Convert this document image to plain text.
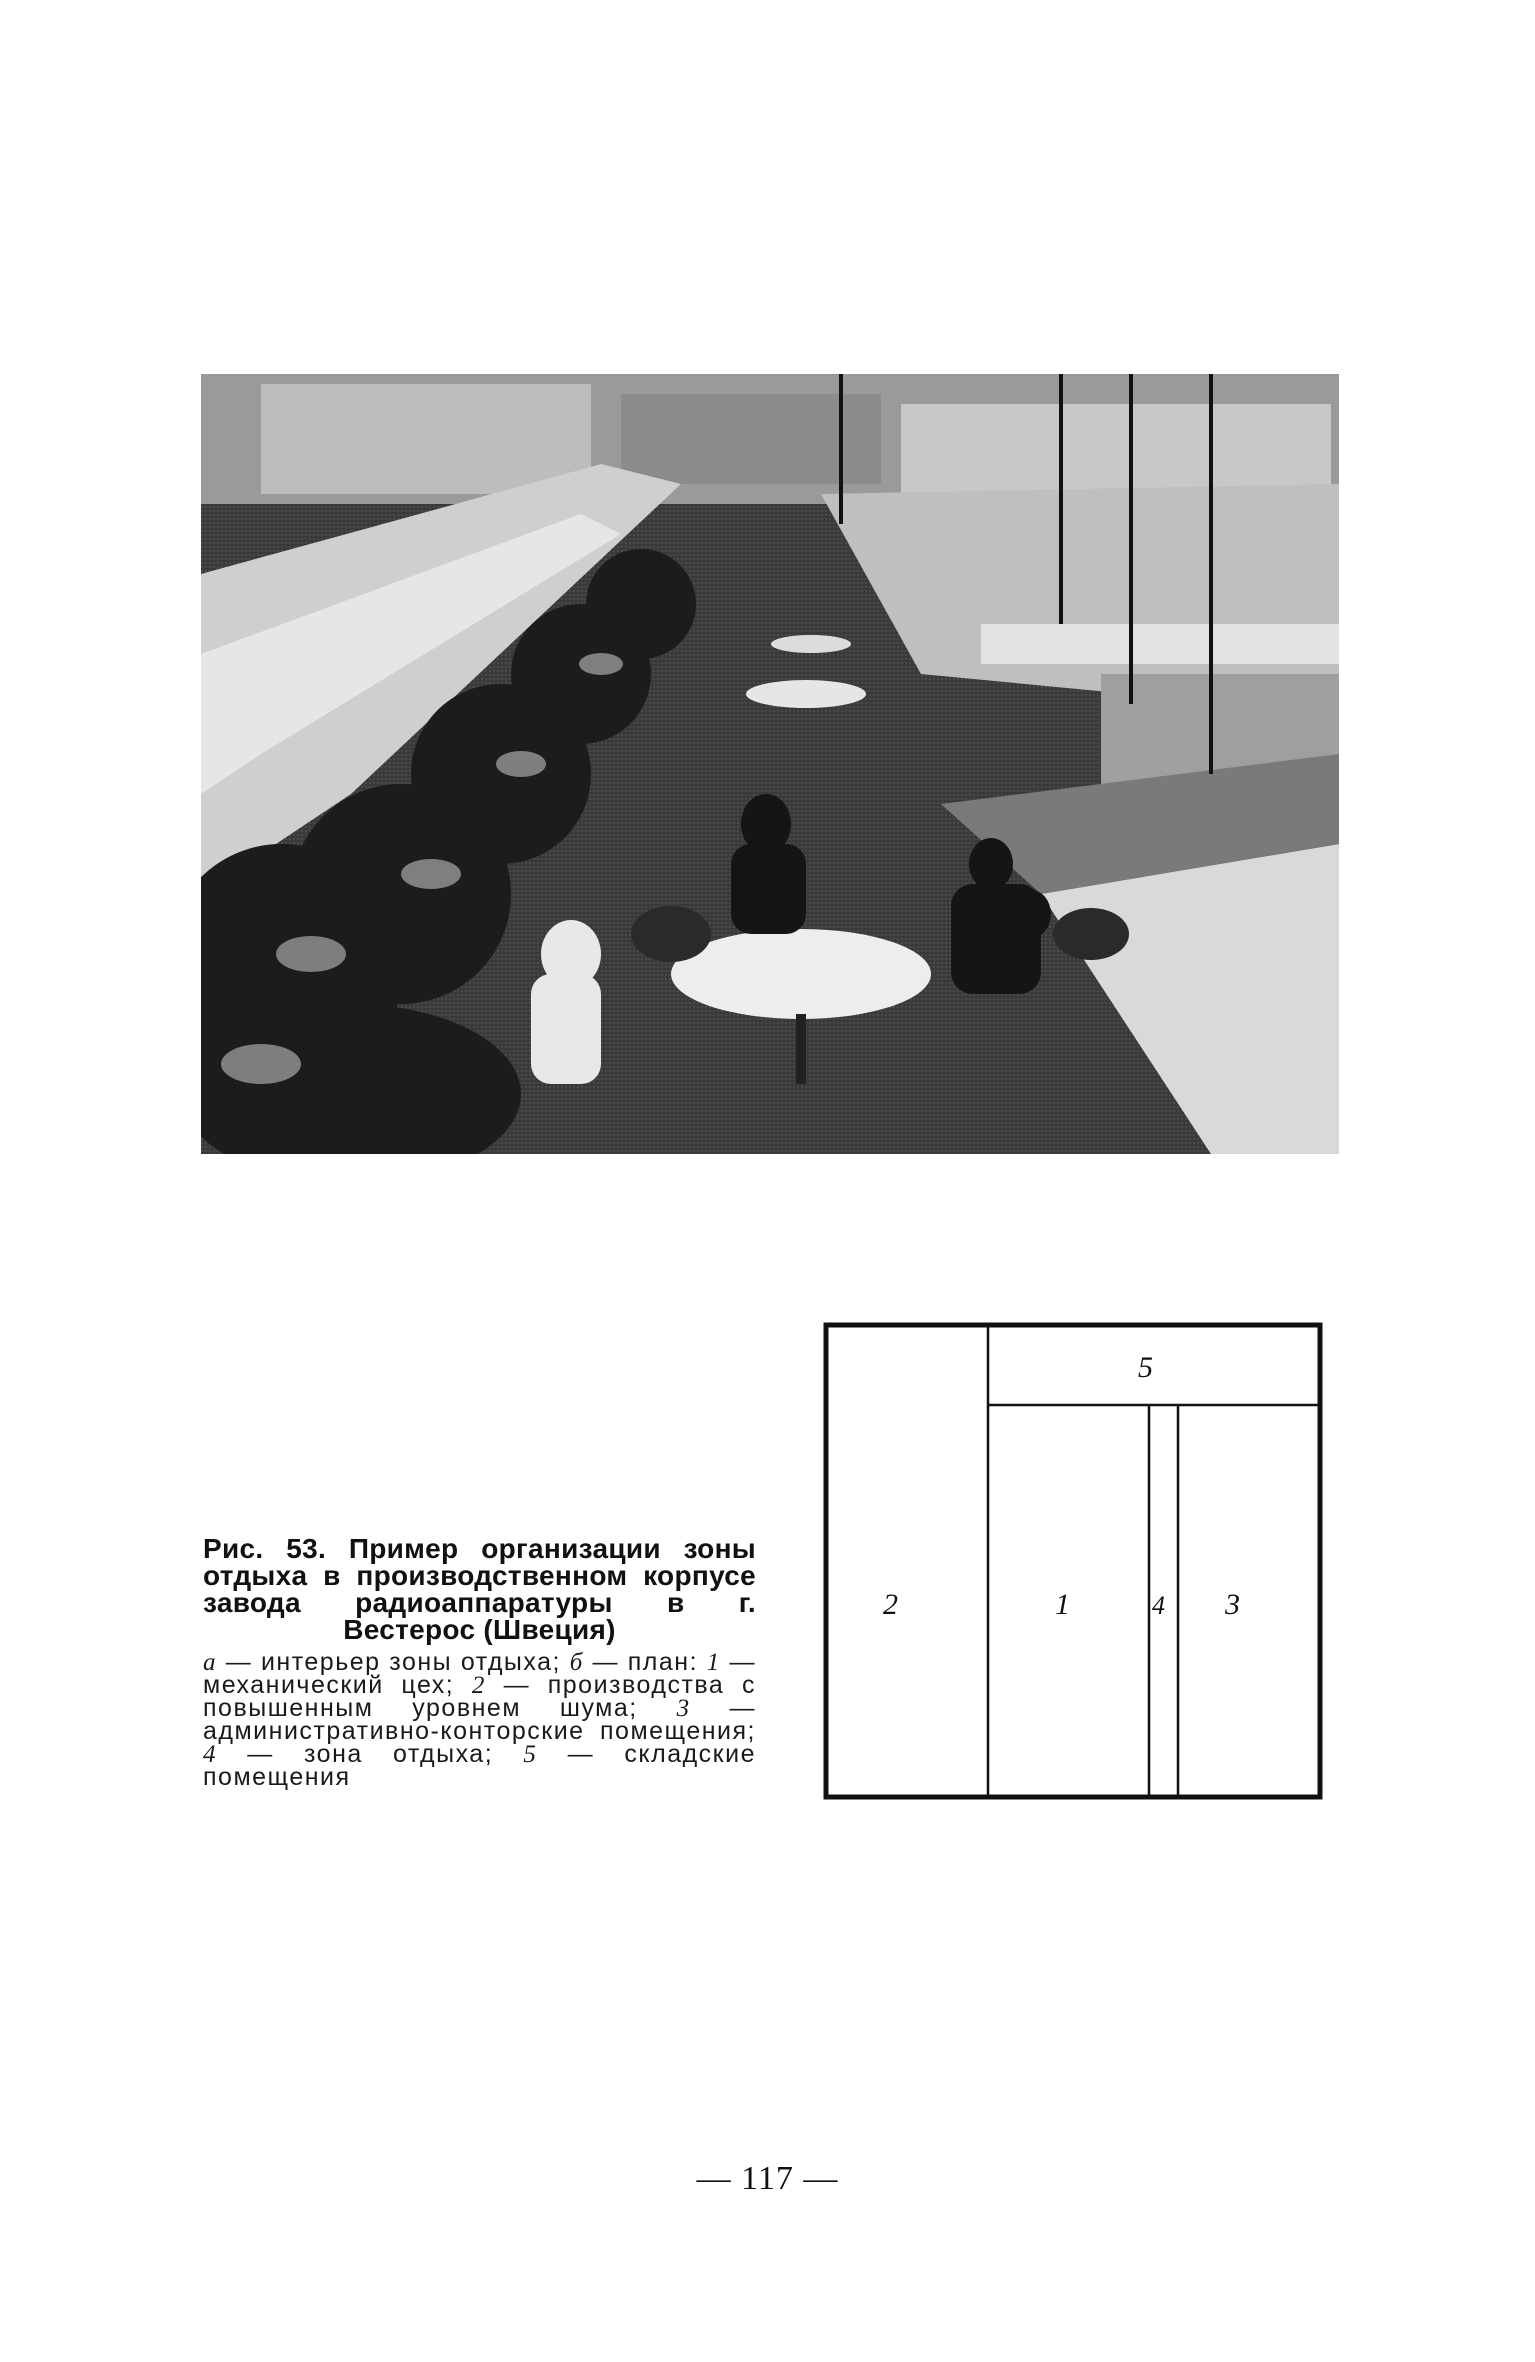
Рис. 53. Пример организации зоны отдыха в производственном корпусе завода радиоаппаратуры в г. Вестерос (Швеция)
а — интерьер зоны отдыха; б — план: 1 — механический цех; 2 — производства с повышенным уровнем шума; 3 — административно-конторские помещения; 4 — зона отдыха; 5 — складские помещения
5
2	1	4 3
— 117 —
